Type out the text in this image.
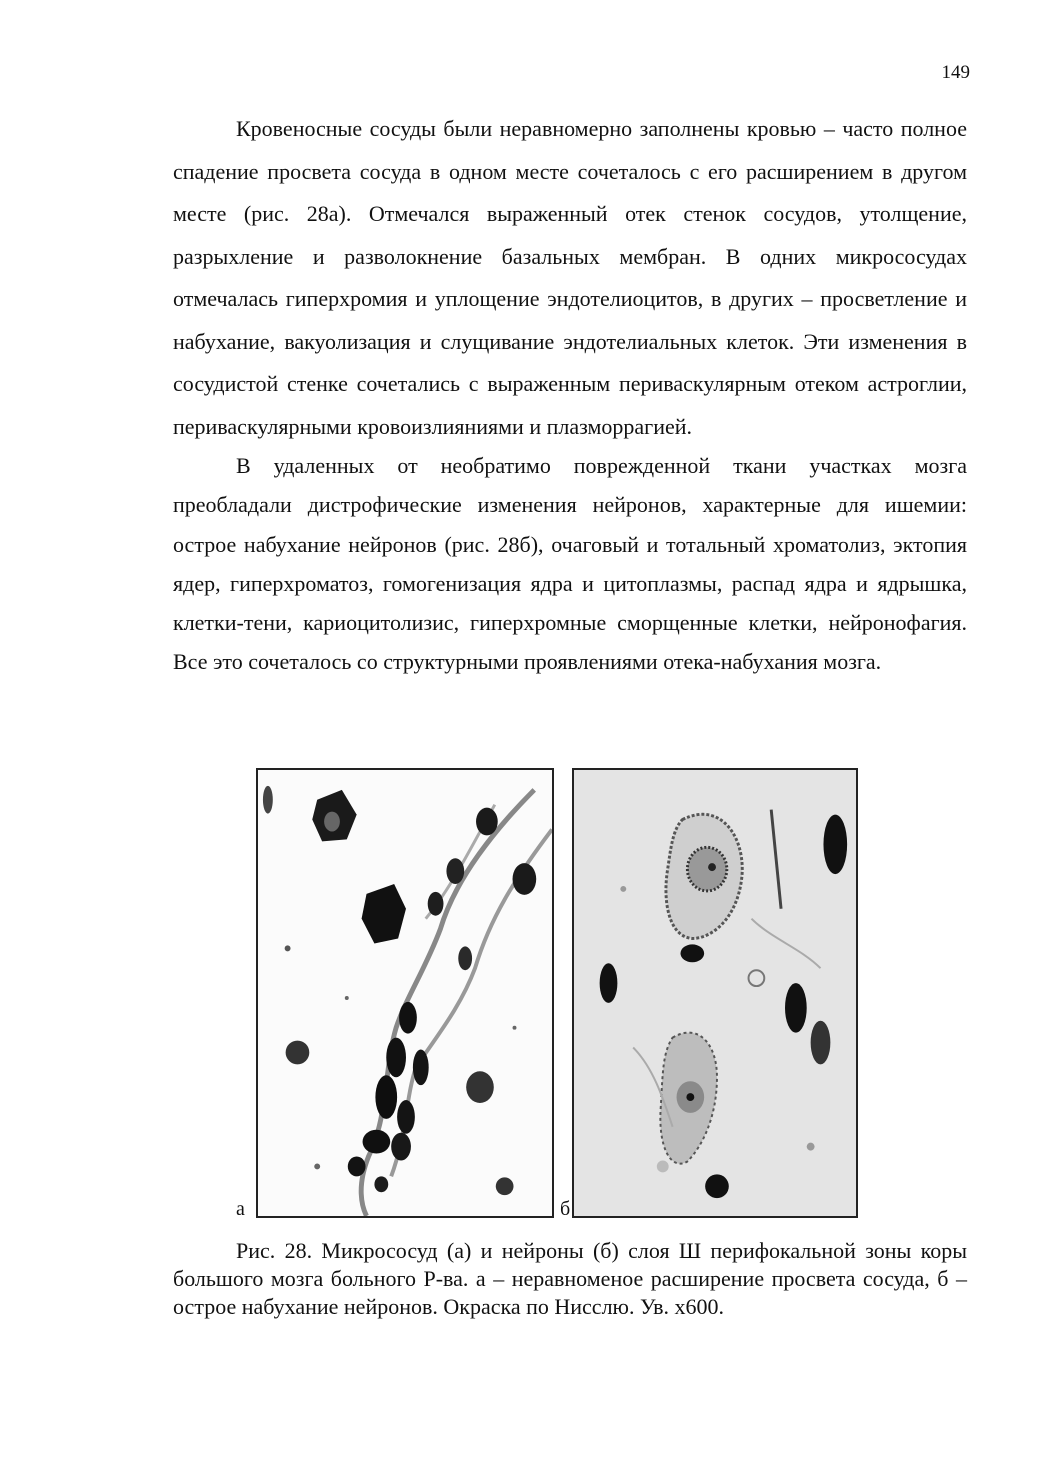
149

Кровеносные сосуды были неравномерно заполнены кровью – часто полное спадение просвета сосуда в одном месте сочеталось с его расширением в другом месте (рис. 28а). Отмечался выраженный отек стенок сосудов, утолщение, разрыхление и разволокнение базальных мембран. В одних микрососудах отмечалась гиперхромия и уплощение эндотелиоцитов, в других – просветление и набухание, вакуолизация и слущивание эндотелиальных клеток. Эти изменения в сосудистой стенке сочетались с выраженным периваскулярным отеком астроглии, периваскулярными кровоизлияниями и плазморрагией.

В удаленных от необратимо поврежденной ткани участках мозга преобладали дистрофические изменения нейронов, характерные для ишемии: острое набухание нейронов (рис. 28б), очаговый и тотальный хроматолиз, эктопия ядер, гиперхроматоз, гомогенизация ядра и цитоплазмы, распад ядра и ядрышка, клетки-тени, кариоцитолизис, гиперхромные сморщенные клетки, нейронофагия. Все это сочеталось со структурными проявлениями отека-набухания мозга.

а	б

Рис. 28. Микрососуд (а) и нейроны (б) слоя Ш перифокальной зоны коры большого мозга больного Р-ва. а – неравноменое расширение просвета сосуда, б – острое набухание нейронов. Окраска по Нисслю. Ув. х600.
